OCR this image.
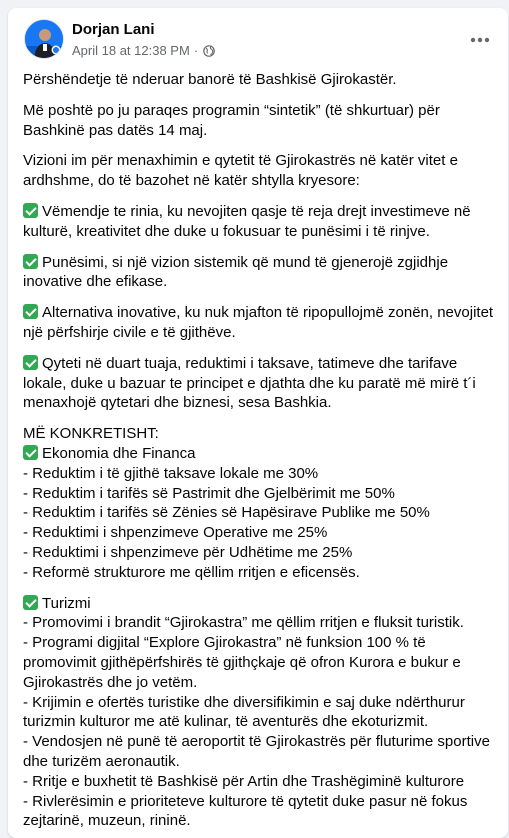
Dorjan Lani
April 18 at 12:38 PM ·

Përshëndetje të nderuar banorë të Bashkisë Gjirokastër.

Më poshtë po ju paraqes programin “sintetik” (të shkurtuar) për Bashkinë pas datës 14 maj.

Vizioni im për menaxhimin e qytetit të Gjirokastrës në katër vitet e ardhshme, do të bazohet në katër shtylla kryesore:

Vëmendje te rinia, ku nevojiten qasje të reja drejt investimeve në kulturë, kreativitet dhe duke u fokusuar te punësimi i të rinjve.

Punësimi, si një vizion sistemik që mund të gjenerojë zgjidhje inovative dhe efikase.

Alternativa inovative, ku nuk mjafton të ripopullojmë zonën, nevojitet një përfshirje civile e të gjithëve.

Qyteti në duart tuaja, reduktimi i taksave, tatimeve dhe tarifave lokale, duke u bazuar te principet e djathta dhe ku paratë më mirë t´i menaxhojë qytetari dhe biznesi, sesa Bashkia.

MË KONKRETISHT:
Ekonomia dhe Financa
- Reduktim i të gjithë taksave lokale me 30%
- Reduktim i tarifës së Pastrimit dhe Gjelbërimit me 50%
- Reduktim i tarifës së Zënies së Hapësirave Publike me 50%
- Reduktimi i shpenzimeve Operative me 25%
- Reduktimi i shpenzimeve për Udhëtime me 25%
- Reformë strukturore me qëllim rritjen e eficensës.
Turizmi
- Promovimi i brandit “Gjirokastra” me qëllim rritjen e fluksit turistik.
- Programi digjital “Explore Gjirokastra” në funksion 100 % të promovimit gjithëpërfshirës të gjithçkaje që ofron Kurora e bukur e Gjirokastrës dhe jo vetëm.
- Krijimin e ofertës turistike dhe diversifikimin e saj duke ndërthurur turizmin kulturor me atë kulinar, të aventurës dhe ekoturizmit.
- Vendosjen në punë të aeroportit të Gjirokastrës për fluturime sportive dhe turizëm aeronautik.
- Rritje e buxhetit të Bashkisë për Artin dhe Trashëgiminë kulturore
- Rivlerësimin e prioriteteve kulturore të qytetit duke pasur në fokus zejtarinë, muzeun, rininë.
